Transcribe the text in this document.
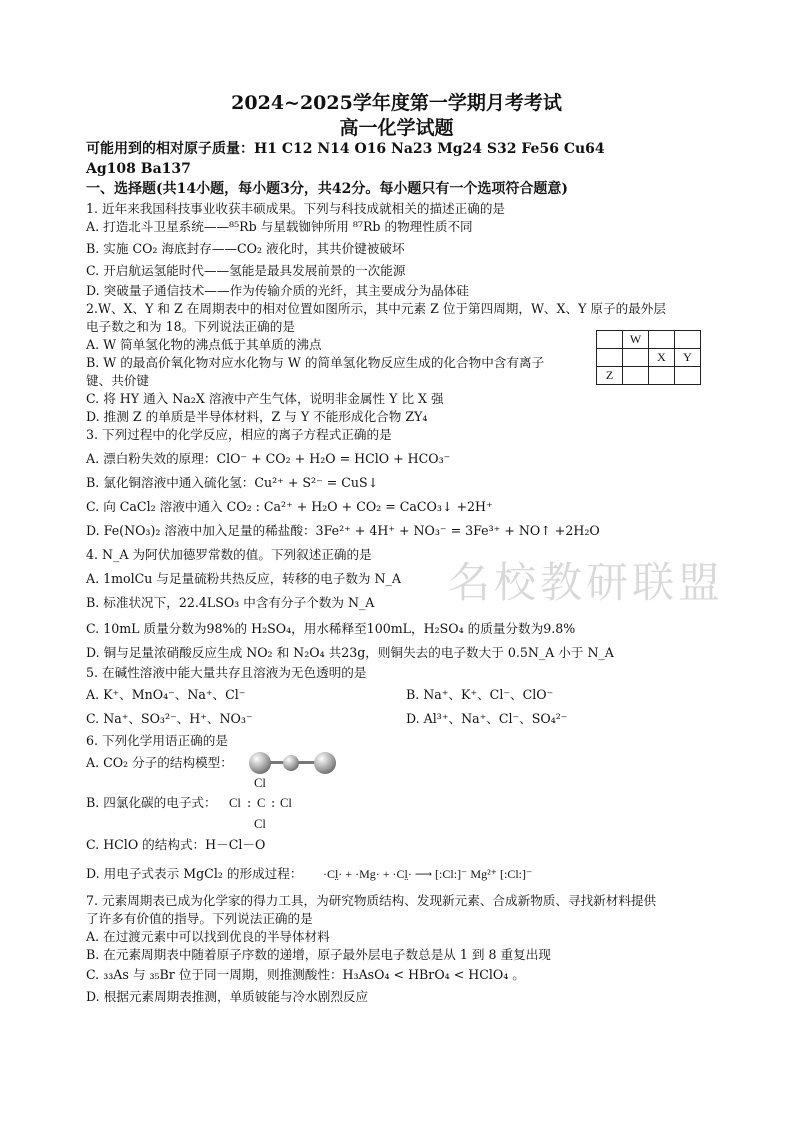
2024~2025学年度第一学期月考考试
高一化学试题
可能用到的相对原子质量：H1 C12 N14 O16 Na23 Mg24 S32 Fe56 Cu64
Ag108 Ba137
一、选择题(共14小题，每小题3分，共42分。每小题只有一个选项符合题意)
1. 近年来我国科技事业收获丰硕成果。下列与科技成就相关的描述正确的是
A. 打造北斗卫星系统——⁸⁵Rb 与星载铷钟所用 ⁸⁷Rb 的物理性质不同
B. 实施 CO₂ 海底封存——CO₂ 液化时，其共价键被破坏
C. 开启航运氢能时代——氢能是最具发展前景的一次能源
D. 突破量子通信技术——作为传输介质的光纤，其主要成分为晶体硅
2.W、X、Y 和 Z 在周期表中的相对位置如图所示，其中元素 Z 位于第四周期，W、X、Y 原子的最外层
电子数之和为 18。下列说法正确的是
A. W 简单氢化物的沸点低于其单质的沸点
B. W 的最高价氧化物对应水化物与 W 的简单氢化物反应生成的化合物中含有离子
键、共价键
C. 将 HY 通入 Na₂X 溶液中产生气体，说明非金属性 Y 比 X 强
D. 推测 Z 的单质是半导体材料，Z 与 Y 不能形成化合物 ZY₄
	W		
		X	Y
Z			
3. 下列过程中的化学反应，相应的离子方程式正确的是
A. 漂白粉失效的原理：ClO⁻ + CO₂ + H₂O = HClO + HCO₃⁻
B. 氯化铜溶液中通入硫化氢：Cu²⁺ + S²⁻ = CuS↓
C. 向 CaCl₂ 溶液中通入 CO₂ : Ca²⁺ + H₂O + CO₂ = CaCO₃↓ +2H⁺
D. Fe(NO₃)₂ 溶液中加入足量的稀盐酸：3Fe²⁺ + 4H⁺ + NO₃⁻ = 3Fe³⁺ + NO↑ +2H₂O
名校教研联盟
4. N_A 为阿伏加德罗常数的值。下列叙述正确的是
A. 1molCu 与足量硫粉共热反应，转移的电子数为 N_A
B. 标准状况下，22.4LSO₃ 中含有分子个数为 N_A
C. 10mL 质量分数为98%的 H₂SO₄，用水稀释至100mL，H₂SO₄ 的质量分数为9.8%
D. 铜与足量浓硝酸反应生成 NO₂ 和 N₂O₄ 共23g，则铜失去的电子数大于 0.5N_A 小于 N_A
5. 在碱性溶液中能大量共存且溶液为无色透明的是
A. K⁺、MnO₄⁻、Na⁺、Cl⁻	B. Na⁺、K⁺、Cl⁻、ClO⁻
C. Na⁺、SO₃²⁻、H⁺、NO₃⁻	D. Al³⁺、Na⁺、Cl⁻、SO₄²⁻
6. 下列化学用语正确的是
A. CO₂ 分子的结构模型：
B. 四氯化碳的电子式：
Cl
Cl : C : Cl
Cl
C. HClO 的结构式：H－Cl－O
D. 用电子式表示 MgCl₂ 的形成过程： ·Cl̤· + ·Mg· + ·Cl̤· ⟶ [:Cl:]⁻ Mg²⁺ [:Cl:]⁻
7. 元素周期表已成为化学家的得力工具，为研究物质结构、发现新元素、合成新物质、寻找新材料提供
了许多有价值的指导。下列说法正确的是
A. 在过渡元素中可以找到优良的半导体材料
B. 在元素周期表中随着原子序数的递增，原子最外层电子数总是从 1 到 8 重复出现
C. ₃₃As 与 ₃₅Br 位于同一周期，则推测酸性：H₃AsO₄ < HBrO₄ < HClO₄ 。
D. 根据元素周期表推测，单质铍能与冷水剧烈反应
